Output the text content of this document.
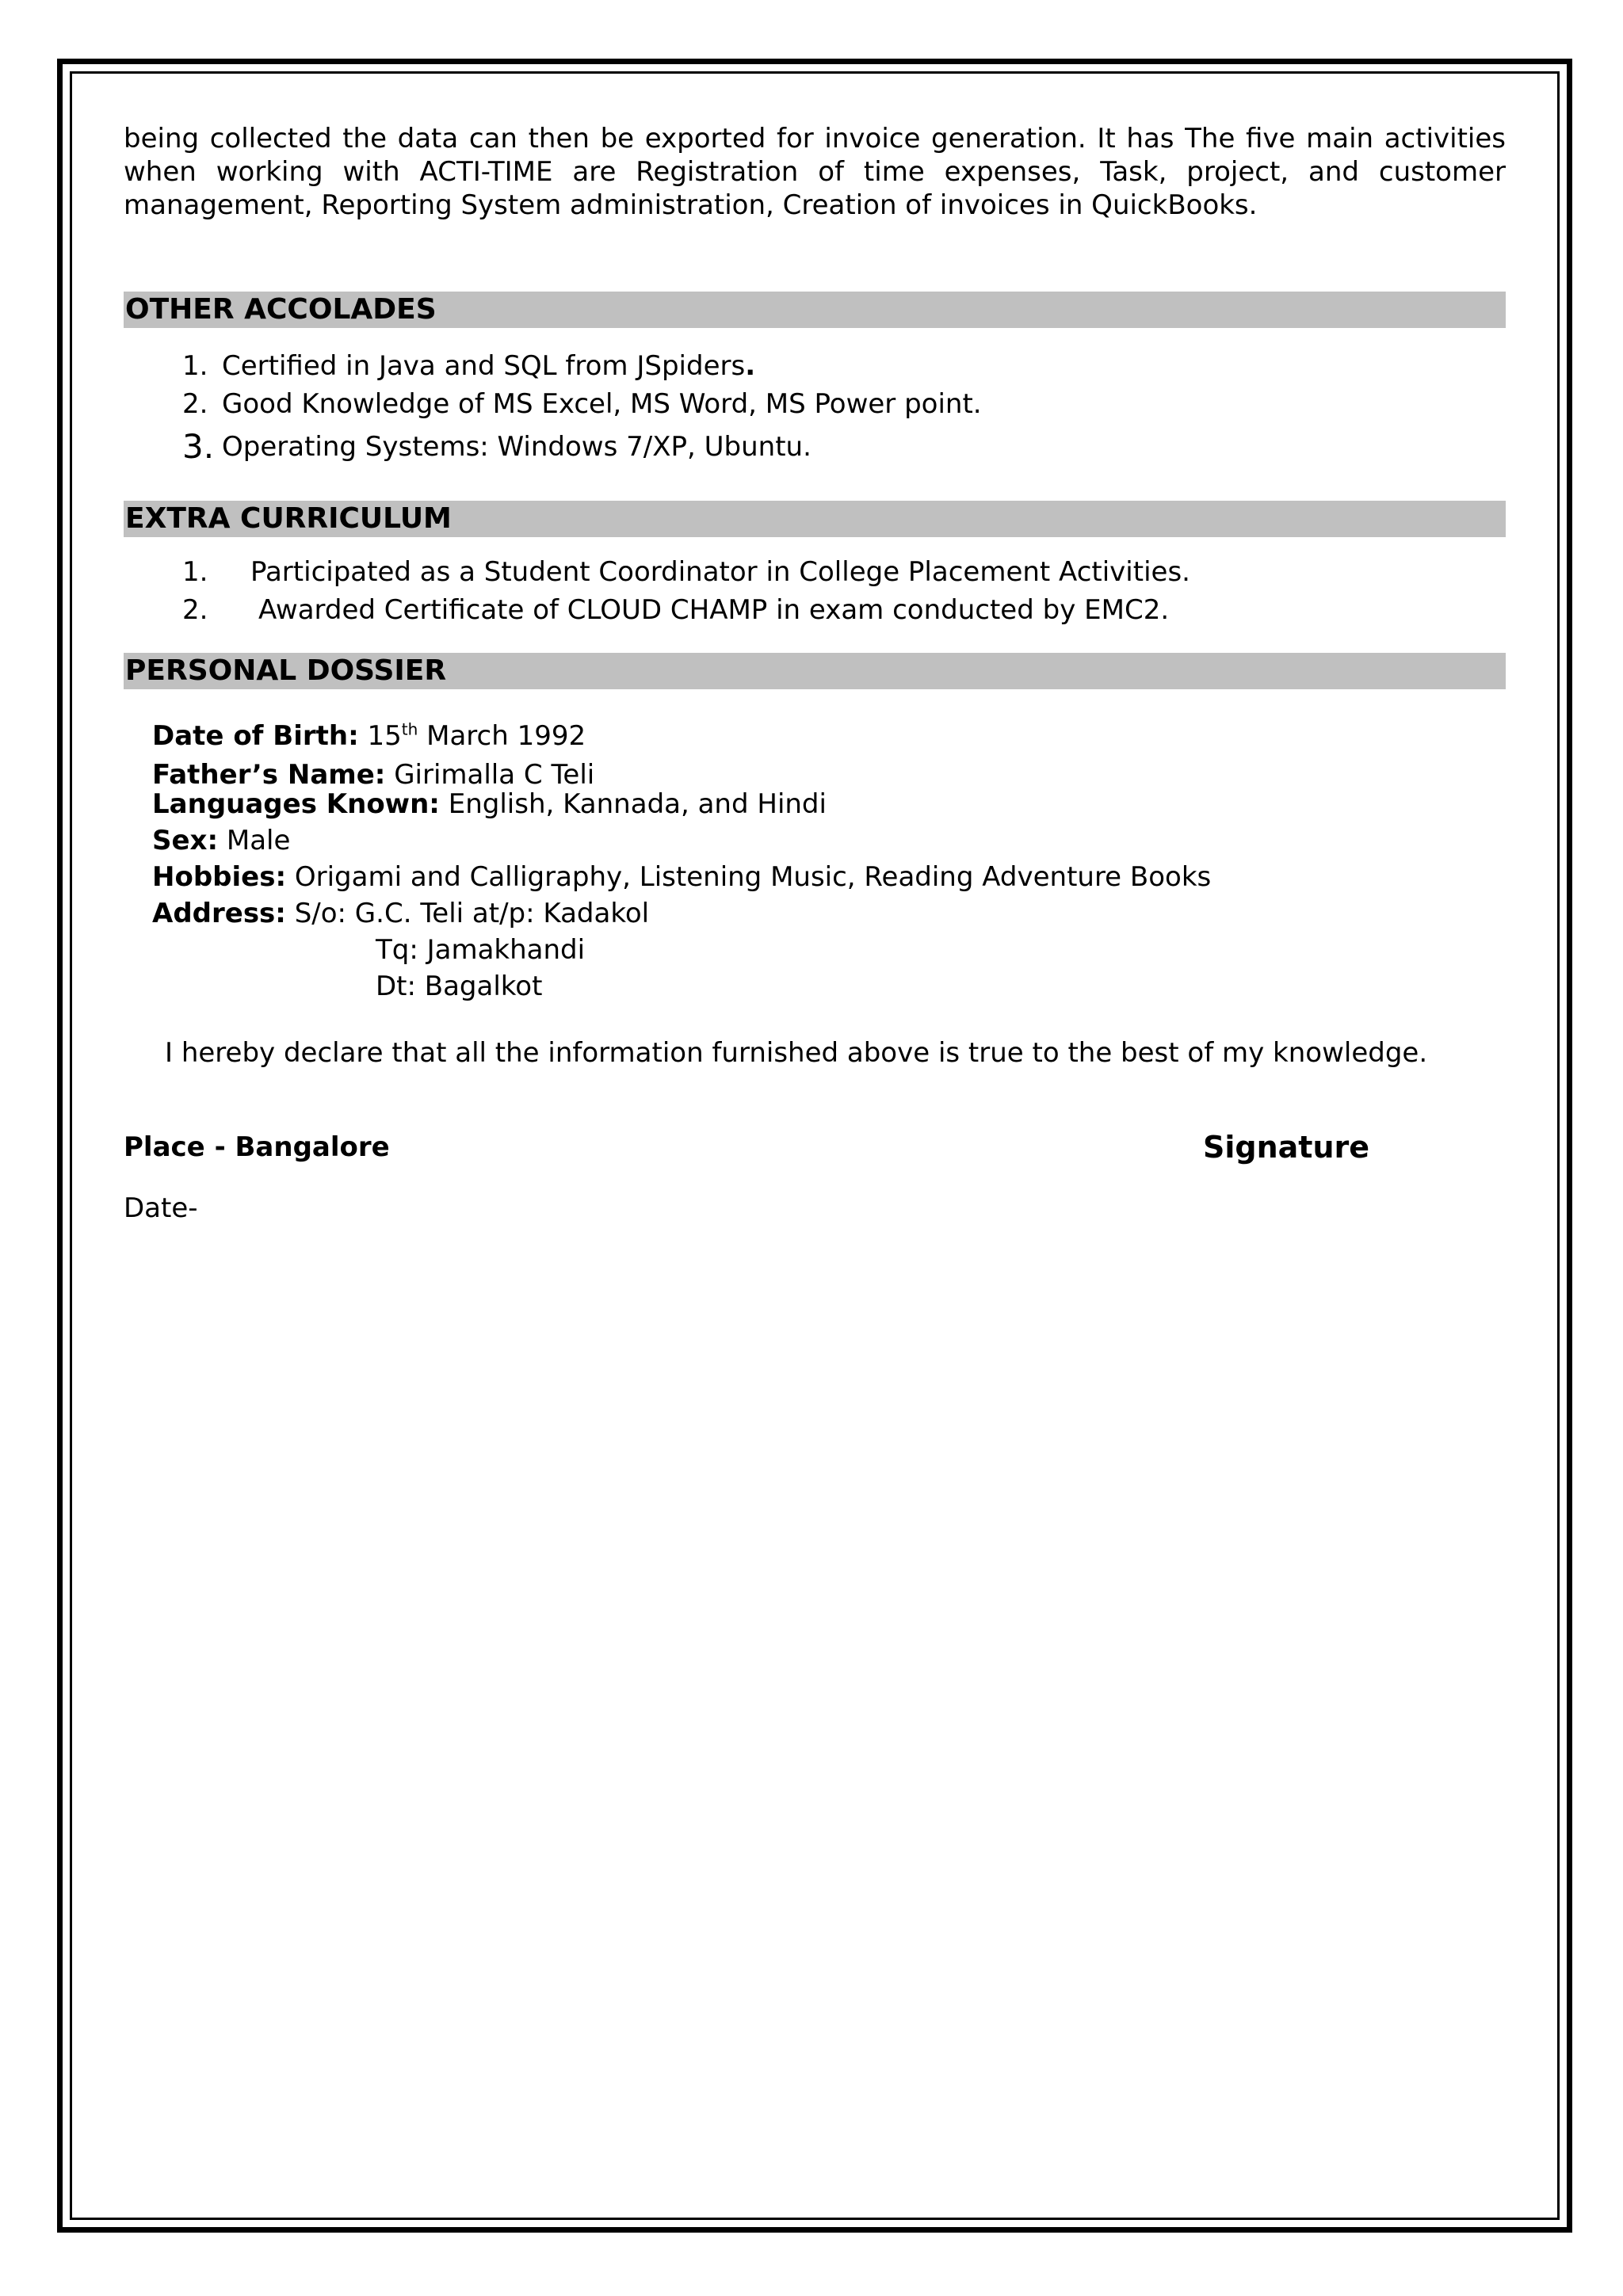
being collected the data can then be exported for invoice generation. It has The five main activities when working with ACTI-TIME are Registration of time expenses, Task, project, and customer management, Reporting System administration, Creation of invoices in QuickBooks.

OTHER ACCOLADES
1. Certified in Java and SQL from JSpiders.
2. Good Knowledge of MS Excel, MS Word, MS Power point.
3. Operating Systems: Windows 7/XP, Ubuntu.
EXTRA CURRICULUM
1. Participated as a Student Coordinator in College Placement Activities.
2. Awarded Certificate of CLOUD CHAMP in exam conducted by EMC2.
PERSONAL DOSSIER
Date of Birth: 15th March 1992
Father’s Name: Girimalla C Teli
Languages Known: English, Kannada, and Hindi
Sex: Male
Hobbies: Origami and Calligraphy, Listening Music, Reading Adventure Books
Address: S/o: G.C. Teli at/p: Kadakol
Tq: Jamakhandi
Dt: Bagalkot
I hereby declare that all the information furnished above is true to the best of my knowledge.
Place - Bangalore	Signature
Date-
